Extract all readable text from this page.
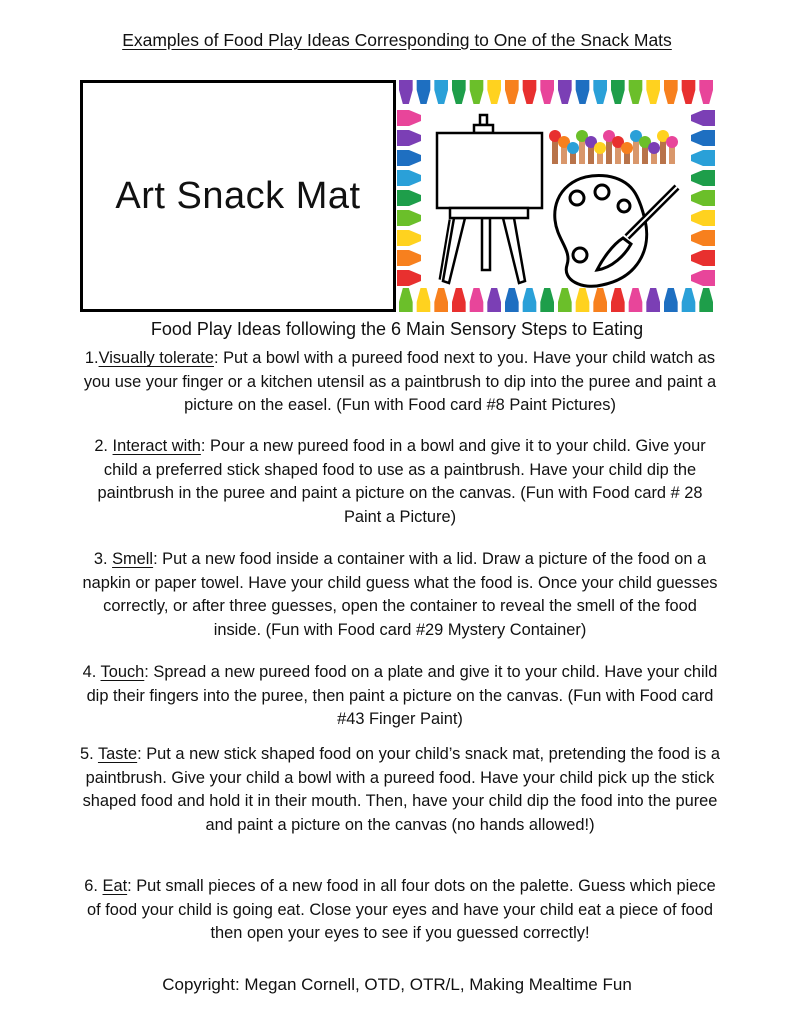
Examples of Food Play Ideas Corresponding to One of the Snack Mats
Art Snack Mat
Food Play Ideas following the 6 Main Sensory Steps to Eating
1.Visually tolerate: Put a bowl with a pureed food next to you. Have your child watch as you use your finger or a kitchen utensil as a paintbrush to dip into the puree and paint a picture on the easel. (Fun with Food card #8 Paint Pictures)
2. Interact with: Pour a new pureed food in a bowl and give it to your child. Give your child a preferred stick shaped food to use as a paintbrush. Have your child dip the paintbrush in the puree and paint a picture on the canvas. (Fun with Food card # 28 Paint a Picture)
3. Smell: Put a new food inside a container with a lid. Draw a picture of the food on a napkin or paper towel. Have your child guess what the food is. Once your child guesses correctly, or after three guesses, open the container to reveal the smell of the food inside. (Fun with Food card #29 Mystery Container)
4. Touch: Spread a new pureed food on a plate and give it to your child. Have your child dip their fingers into the puree, then paint a picture on the canvas. (Fun with Food card #43 Finger Paint)
5. Taste: Put a new stick shaped food on your child’s snack mat, pretending the food is a paintbrush. Give your child a bowl with a pureed food. Have your child pick up the stick shaped food and hold it in their mouth. Then, have your child dip the food into the puree and paint a picture on the canvas (no hands allowed!)
6. Eat: Put small pieces of a new food in all four dots on the palette. Guess which piece of food your child is going eat. Close your eyes and have your child eat a piece of food then open your eyes to see if you guessed correctly!
Copyright: Megan Cornell, OTD, OTR/L, Making Mealtime Fun
